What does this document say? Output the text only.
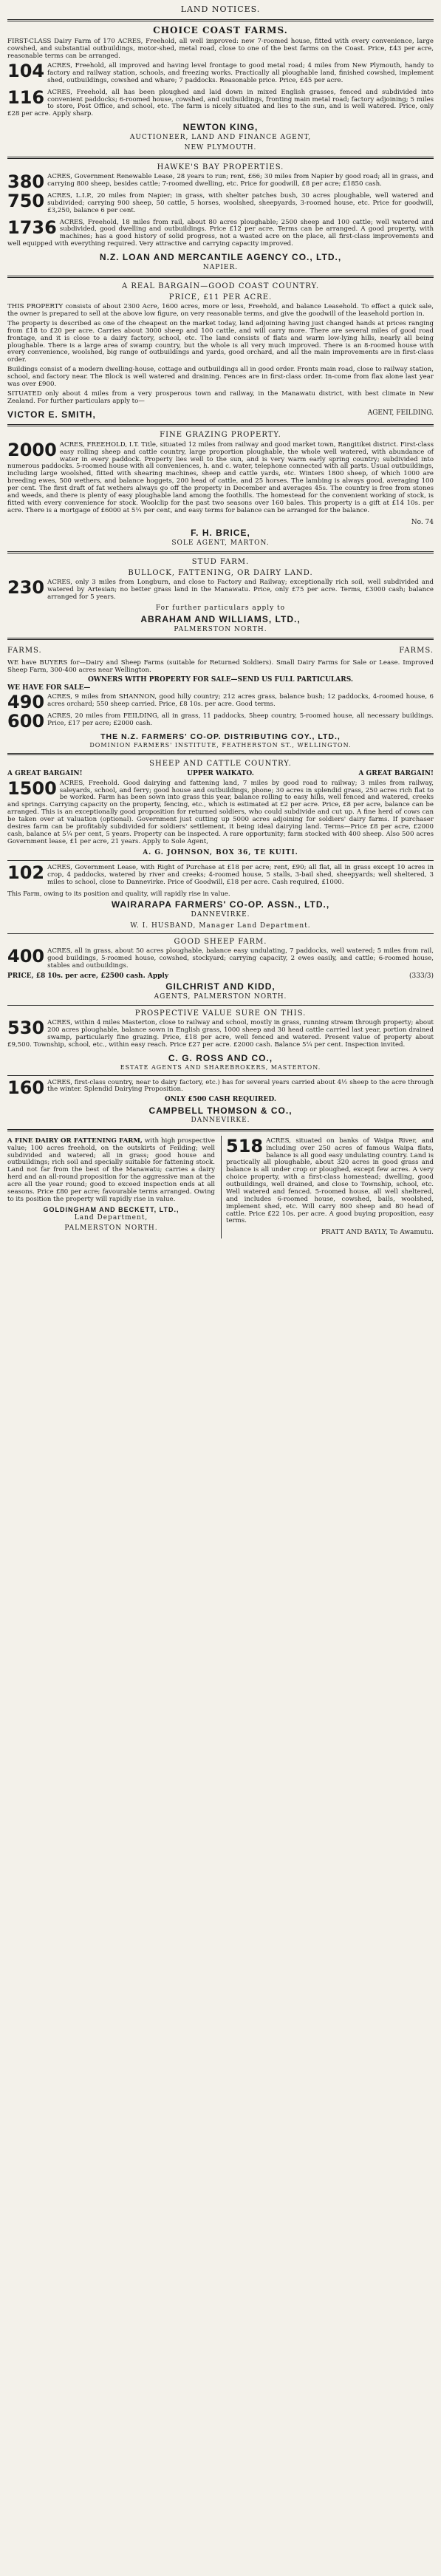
LAND NOTICES.
CHOICE COAST FARMS.

FIRST-CLASS Dairy Farm of 170 ACRES, Freehold, all well improved: new 7-roomed house, fitted with every convenience, large cowshed, and substantial outbuildings, motor-shed, metal road, close to one of the best farms on the Coast. Price, £43 per acre, reasonable terms can be arranged.

104 ACRES, Freehold, all improved and having level frontage to good metal road; 4 miles from New Plymouth, handy to factory and railway station, schools, and freezing works. Practically all ploughable land, finished cowshed, implement shed, outbuildings, cowshed and whare; 7 paddocks. Reasonable price. Price, £45 per acre.

116 ACRES, Freehold, all has been ploughed and laid down in mixed English grasses, fenced and subdivided into convenient paddocks; 6-roomed house, cowshed, and outbuildings, fronting main metal road; factory adjoining; 5 miles to store, Post Office, and school, etc. The farm is nicely situated and lies to the sun, and is well watered. Price, only £28 per acre. Apply sharp.

NEWTON KING,
AUCTIONEER, LAND AND FINANCE AGENT,
NEW PLYMOUTH.
HAWKE'S BAY PROPERTIES.

380 ACRES, Government Renewable Lease, 28 years to run; rent, £66; 30 miles from Napier by good road; all in grass, and carrying 800 sheep, besides cattle; 7-roomed dwelling, etc. Price for goodwill, £8 per acre; £1850 cash.

750 ACRES, L.I.P., 20 miles from Napier; in grass, with shelter patches bush, 30 acres ploughable, well watered and subdivided; carrying 900 sheep, 50 cattle, 5 horses, woolshed, sheepyards, 3-roomed house, etc. Price for goodwill, £3,250, balance 6 per cent.

1736 ACRES, Freehold, 18 miles from rail, about 80 acres ploughable; 2500 sheep and 100 cattle; well watered and subdivided, good dwelling and outbuildings. Price £12 per acre. Terms can be arranged. A good property, with machines; has a good history of solid progress, not a wasted acre on the place, all first-class improvements and well equipped with everything required. Very attractive and carrying capacity improved.

N.Z. LOAN AND MERCANTILE AGENCY CO., LTD.,
NAPIER.
A REAL BARGAIN—GOOD COAST COUNTRY.
PRICE, £11 PER ACRE.

THIS PROPERTY consists of about 2300 Acre, 1600 acres, more or less, Freehold, and balance Leasehold. To effect a quick sale, the owner is prepared to sell at the above low figure, on very reasonable terms, and give the goodwill of the leasehold portion in.

The property is described as one of the cheapest on the market today, land adjoining having just changed hands at prices ranging from £18 to £20 per acre. Carries about 3000 sheep and 100 cattle, and will carry more. There are several miles of good road frontage, and it is close to a dairy factory, school, etc. The land consists of flats and warm low-lying hills, nearly all being ploughable. There is a large area of swamp country, but the whole is all very much improved. There is an 8-roomed house with every convenience, woolshed, big range of outbuildings and yards, good orchard, and all the main improvements are in first-class order.

Buildings consist of a modern dwelling-house, cottage and outbuildings all in good order. Fronts main road, close to railway station, school, and factory near. The Block is well watered and draining. Fences are in first-class order. In-come from flax alone last year was over £900.

SITUATED only about 4 miles from a very prosperous town and railway, in the Manawatu district, with best climate in New Zealand. For further particulars apply to—

VICTOR E. SMITH,	AGENT, FEILDING.
FINE GRAZING PROPERTY.

2000 ACRES, FREEHOLD, I.T. Title, situated 12 miles from railway and good market town, Rangitikei district. First-class easy rolling sheep and cattle country, large proportion ploughable, the whole well watered, with abundance of water in every paddock. Property lies well to the sun, and is very warm early spring country; subdivided into numerous paddocks. 5-roomed house with all conveniences, h. and c. water, telephone connected with all parts. Usual outbuildings, including large woolshed, fitted with shearing machines, sheep and cattle yards, etc. Winters 1800 sheep, of which 1000 are breeding ewes, 500 wethers, and balance hoggets, 200 head of cattle, and 25 horses. The lambing is always good, averaging 100 per cent. The first draft of fat wethers always go off the property in December and averages 45s. The country is free from stones and weeds, and there is plenty of easy ploughable land among the foothills. The homestead for the convenient working of stock, is fitted with every convenience for stock. Woolclip for the past two seasons over 160 bales. This property is a gift at £14 10s. per acre. There is a mortgage of £6000 at 5¼ per cent, and easy terms for balance can be arranged for the balance.

No. 74
F. H. BRICE,
SOLE AGENT, MARTON.
STUD FARM.
BULLOCK, FATTENING, OR DAIRY LAND.

230 ACRES, only 3 miles from Longburn, and close to Factory and Railway; exceptionally rich soil, well subdivided and watered by Artesian; no better grass land in the Manawatu. Price, only £75 per acre. Terms, £3000 cash; balance arranged for 5 years.

For further particulars apply to
ABRAHAM AND WILLIAMS, LTD.,
PALMERSTON NORTH.
FARMS.	FARMS.

WE have BUYERS for—Dairy and Sheep Farms (suitable for Returned Soldiers). Small Dairy Farms for Sale or Lease. Improved Sheep Farm, 300-400 acres near Wellington.

OWNERS WITH PROPERTY FOR SALE—SEND US FULL PARTICULARS.
WE HAVE FOR SALE—

490 ACRES, 9 miles from SHANNON, good hilly country; 212 acres grass, balance bush; 12 paddocks, 4-roomed house, 6 acres orchard; 550 sheep carried. Price, £8 10s. per acre. Good terms.

600 ACRES, 20 miles from FEILDING, all in grass, 11 paddocks, 5heep country, 5-roomed house, all necessary buildings. Price, £17 per acre; £2000 cash.

THE N.Z. FARMERS' CO-OP. DISTRIBUTING COY., LTD.,
DOMINION FARMERS' INSTITUTE, FEATHERSTON ST., WELLINGTON.
SHEEP AND CATTLE COUNTRY.
A GREAT BARGAIN!	UPPER WAIKATO.	A GREAT BARGAIN!

1500 ACRES, Freehold. Good dairying and fattening land, 7 miles by good road to railway; 3 miles from railway, saleyards, school, and ferry; good house and outbuildings, phone; 30 acres in splendid grass, 250 acres rich flat to be worked. Farm has been sown into grass this year, balance rolling to easy hills, well fenced and watered, creeks and springs. Carrying capacity on the property, fencing, etc., which is estimated at £2 per acre. Price, £8 per acre, balance can be arranged. This is an exceptionally good proposition for returned soldiers, who could subdivide and cut up. A fine herd of cows can be taken over at valuation (optional). Government just cutting up 5000 acres adjoining for soldiers' dairy farms. If purchaser desires farm can be profitably subdivided for soldiers' settlement, it being ideal dairying land. Terms—Price £8 per acre, £2000 cash, balance at 5¼ per cent, 5 years. Property can be inspected. A rare opportunity; farm stocked with 400 sheep. Also 500 acres Government lease, £1 per acre, 21 years. Apply to Sole Agent,

A. G. JOHNSON, BOX 36, TE KUITI.

102 ACRES, Government Lease, with Right of Purchase at £18 per acre; rent, £90; all flat, all in grass except 10 acres in crop, 4 paddocks, watered by river and creeks; 4-roomed house, 5 stalls, 3-bail shed, sheepyards; well sheltered, 3 miles to school, close to Dannevirke. Price of Goodwill, £18 per acre. Cash required, £1000.

This Farm, owing to its position and quality, will rapidly rise in value.

WAIRARAPA FARMERS' CO-OP. ASSN., LTD.,
DANNEVIRKE.
W. I. HUSBAND, Manager Land Department.
GOOD SHEEP FARM.

400 ACRES, all in grass, about 50 acres ploughable, balance easy undulating, 7 paddocks, well watered; 5 miles from rail, good buildings, 5-roomed house, cowshed, stockyard; carrying capacity, 2 ewes easily, and cattle; 6-roomed house, stables and outbuildings.

PRICE, £8 10s. per acre, £2500 cash. Apply	(333/3)
GILCHRIST AND KIDD,
AGENTS, PALMERSTON NORTH.
PROSPECTIVE VALUE SURE ON THIS.

530 ACRES, within 4 miles Masterton, close to railway and school, mostly in grass, running stream through property; about 200 acres ploughable, balance sown in English grass, 1000 sheep and 30 head cattle carried last year, portion drained swamp, particularly fine grazing. Price, £18 per acre, well fenced and watered. Present value of property about £9,500. Township, school, etc., within easy reach. Price £27 per acre. £2000 cash. Balance 5¼ per cent. Inspection invited.

C. G. ROSS AND CO.,
ESTATE AGENTS AND SHAREBROKERS, MASTERTON.

160 ACRES, first-class country, near to dairy factory, etc.) has for several years carried about 4½ sheep to the acre through the winter. Splendid Dairying Proposition.

ONLY £500 CASH REQUIRED.
CAMPBELL THOMSON & CO.,
DANNEVIRKE.

A FINE DAIRY OR FATTENING FARM, with high prospective value; 100 acres freehold, on the outskirts of Feilding; well subdivided and watered; all in grass; good house and outbuildings; rich soil and specially suitable for fattening stock. Land not far from the best of the Manawatu; carries a dairy herd and an all-round proposition for the aggressive man at the acre all the year round; good to exceed inspection ends at all seasons. Price £80 per acre; favourable terms arranged. Owing to its position the property will rapidly rise in value.

GOLDINGHAM AND BECKETT, LTD.,
Land Department,
PALMERSTON NORTH.

518 ACRES, situated on banks of Waipa River, and including over 250 acres of famous Waipa flats, balance is all good easy undulating country. Land is practically all ploughable, about 320 acres in good grass and balance is all under crop or ploughed, except few acres. A very choice property, with a first-class homestead; dwelling, good outbuildings, well drained, and close to Township, school, etc. Well watered and fenced. 5-roomed house, all well sheltered, and includes 6-roomed house, cowshed, bails, woolshed, implement shed, etc. Will carry 800 sheep and 80 head of cattle. Price £22 10s. per acre. A good buying proposition, easy terms.

PRATT AND BAYLY, Te Awamutu.
